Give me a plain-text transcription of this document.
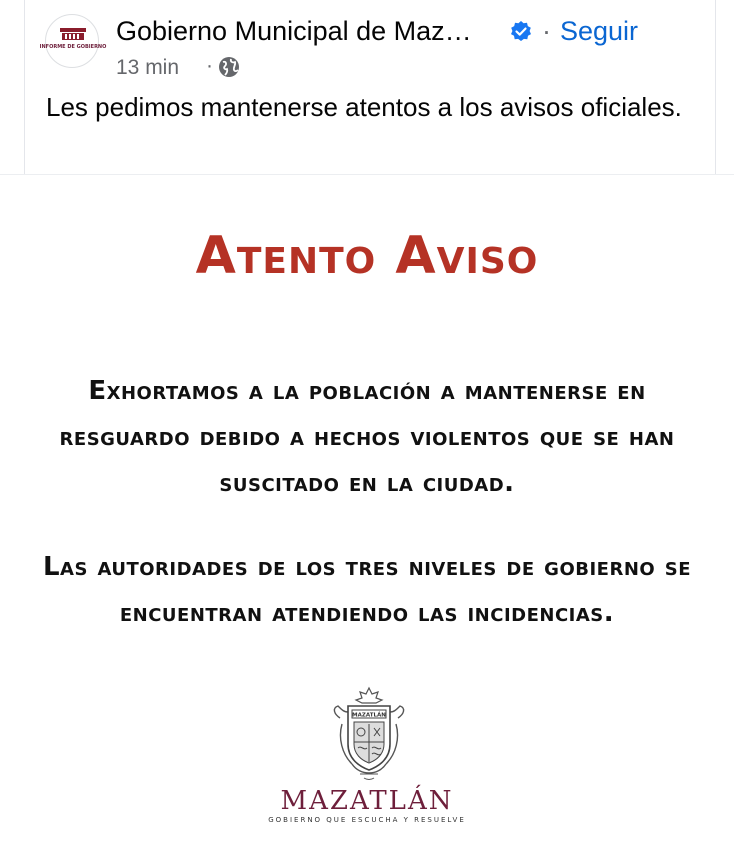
INFORME DE GOBIERNO
Gobierno Municipal de Maz…	· Seguir
13 min ·
Les pedimos mantenerse atentos a los avisos oficiales.
Atento Aviso
Exhortamos a la población a mantenerse en resguardo debido a hechos violentos que se han suscitado en la ciudad.
Las autoridades de los tres niveles de gobierno se encuentran atendiendo las incidencias.
MAZATLÁN
MAZATLÁN
GOBIERNO QUE ESCUCHA Y RESUELVE
